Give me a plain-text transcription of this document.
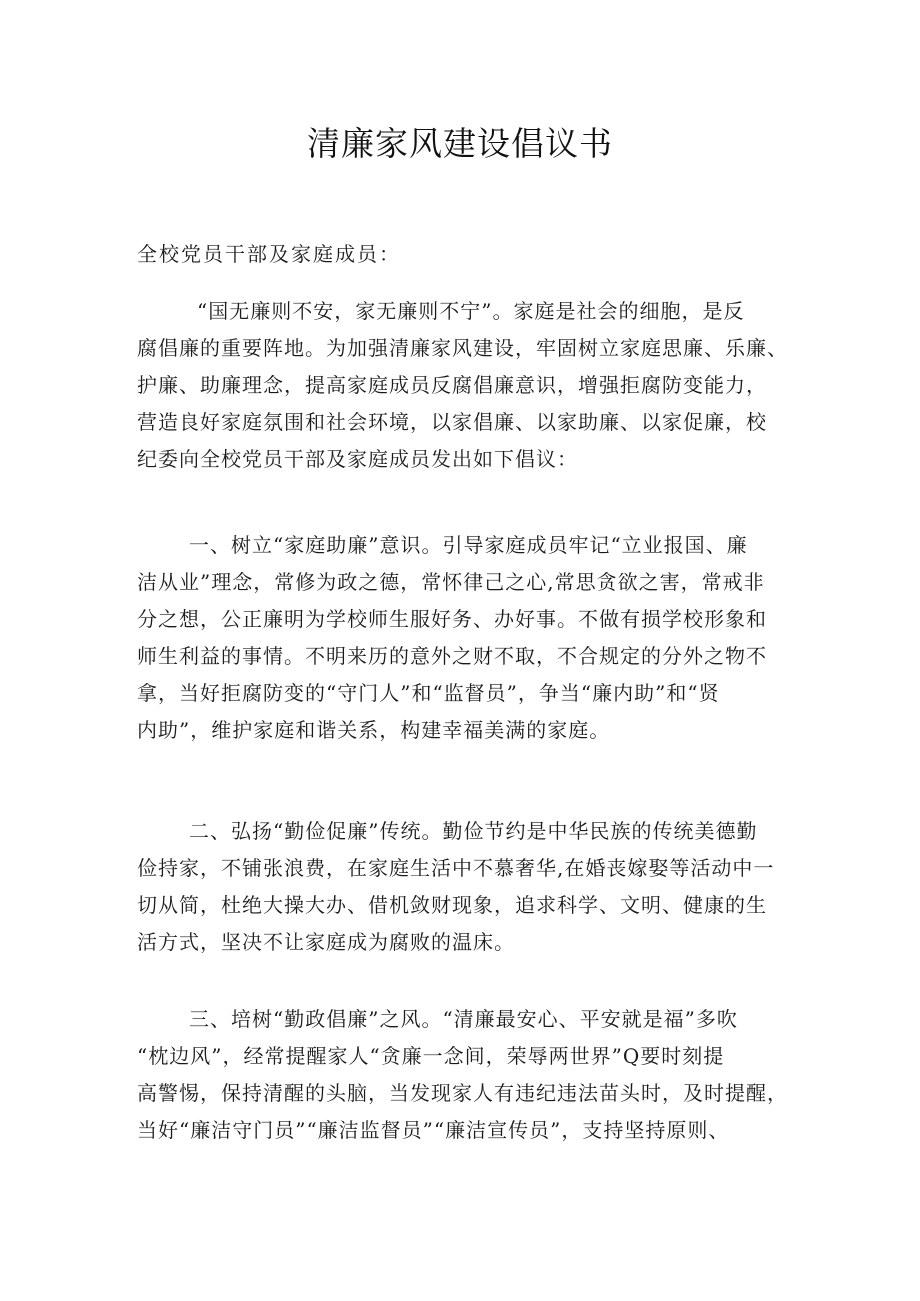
清廉家风建设倡议书

全校党员干部及家庭成员：

“国无廉则不安，家无廉则不宁”。家庭是社会的细胞，是反
腐倡廉的重要阵地。为加强清廉家风建设，牢固树立家庭思廉、乐廉、
护廉、助廉理念，提高家庭成员反腐倡廉意识，增强拒腐防变能力，
营造良好家庭氛围和社会环境，以家倡廉、以家助廉、以家促廉，校
纪委向全校党员干部及家庭成员发出如下倡议：
一、树立“家庭助廉”意识。引导家庭成员牢记“立业报国、廉
洁从业”理念，常修为政之德，常怀律己之心,常思贪欲之害，常戒非
分之想，公正廉明为学校师生服好务、办好事。不做有损学校形象和
师生利益的事情。不明来历的意外之财不取，不合规定的分外之物不
拿，当好拒腐防变的“守门人”和“监督员”，争当“廉内助”和“贤
内助”，维护家庭和谐关系，构建幸福美满的家庭。
二、弘扬“勤俭促廉”传统。勤俭节约是中华民族的传统美德勤
俭持家，不铺张浪费，在家庭生活中不慕奢华,在婚丧嫁娶等活动中一
切从简，杜绝大操大办、借机敛财现象，追求科学、文明、健康的生
活方式，坚决不让家庭成为腐败的温床。
三、培树“勤政倡廉”之风。“清廉最安心、平安就是福”多吹
“枕边风”，经常提醒家人“贪廉一念间，荣辱两世界”Q要时刻提
高警惕，保持清醒的头脑，当发现家人有违纪违法苗头时，及时提醒，
当好“廉洁守门员”“廉洁监督员”“廉洁宣传员”，支持坚持原则、
